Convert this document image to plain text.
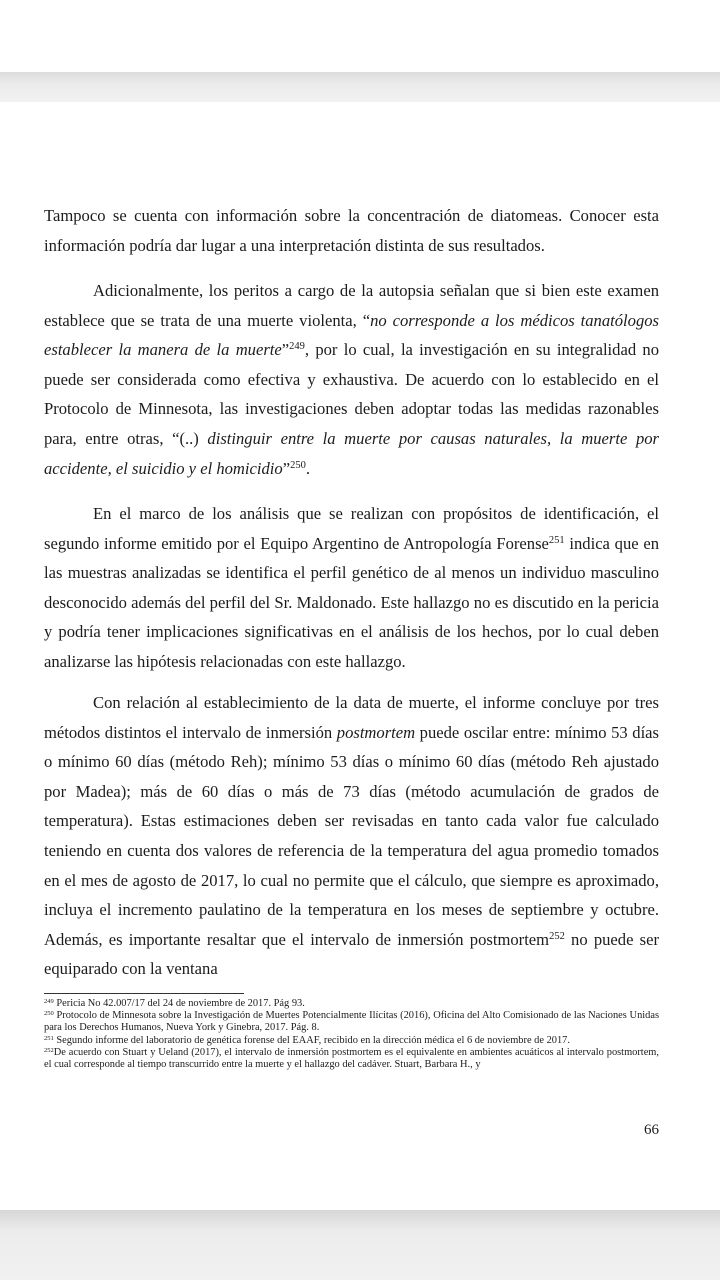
Tampoco se cuenta con información sobre la concentración de diatomeas. Conocer esta información podría dar lugar a una interpretación distinta de sus resultados.

Adicionalmente, los peritos a cargo de la autopsia señalan que si bien este examen establece que se trata de una muerte violenta, “no corresponde a los médicos tanatólogos establecer la manera de la muerte”$^{249}$, por lo cual, la investigación en su integralidad no puede ser considerada como efectiva y exhaustiva. De acuerdo con lo establecido en el Protocolo de Minnesota, las investigaciones deben adoptar todas las medidas razonables para, entre otras, “(..) distinguir entre la muerte por causas naturales, la muerte por accidente, el suicidio y el homicidio”$^{250}$.

En el marco de los análisis que se realizan con propósitos de identificación, el segundo informe emitido por el Equipo Argentino de Antropología Forense$^{251}$ indica que en las muestras analizadas se identifica el perfil genético de al menos un individuo masculino desconocido además del perfil del Sr. Maldonado. Este hallazgo no es discutido en la pericia y podría tener implicaciones significativas en el análisis de los hechos, por lo cual deben analizarse las hipótesis relacionadas con este hallazgo.

Con relación al establecimiento de la data de muerte, el informe concluye por tres métodos distintos el intervalo de inmersión postmortem puede oscilar entre: mínimo 53 días o mínimo 60 días (método Reh); mínimo 53 días o mínimo 60 días (método Reh ajustado por Madea); más de 60 días o más de 73 días (método acumulación de grados de temperatura). Estas estimaciones deben ser revisadas en tanto cada valor fue calculado teniendo en cuenta dos valores de referencia de la temperatura del agua promedio tomados en el mes de agosto de 2017, lo cual no permite que el cálculo, que siempre es aproximado, incluya el incremento paulatino de la temperatura en los meses de septiembre y octubre. Además, es importante resaltar que el intervalo de inmersión postmortem$^{252}$ no puede ser equiparado con la ventana

$^{249}$ Pericia No 42.007/17 del 24 de noviembre de 2017. Pág 93.
$^{250}$ Protocolo de Minnesota sobre la Investigación de Muertes Potencialmente Ilícitas (2016), Oficina del Alto Comisionado de las Naciones Unidas para los Derechos Humanos, Nueva York y Ginebra, 2017. Pág. 8.
$^{251}$ Segundo informe del laboratorio de genética forense del EAAF, recibido en la dirección médica el 6 de noviembre de 2017.
$^{252}$De acuerdo con Stuart y Ueland (2017), el intervalo de inmersión postmortem es el equivalente en ambientes acuáticos al intervalo postmortem, el cual corresponde al tiempo transcurrido entre la muerte y el hallazgo del cadáver. Stuart, Barbara H., y
66
